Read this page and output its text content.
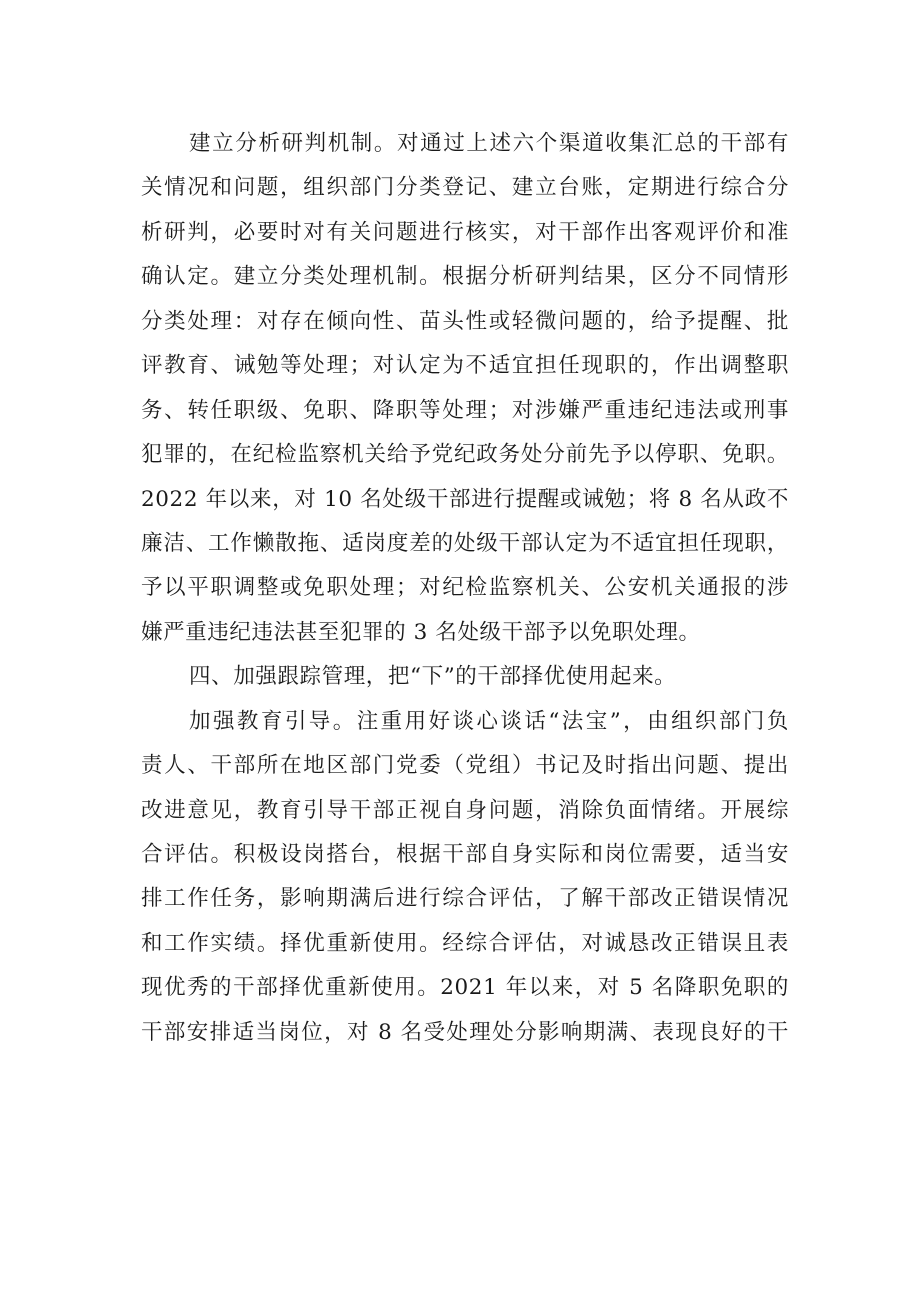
建立分析研判机制。对通过上述六个渠道收集汇总的干部有
关情况和问题，组织部门分类登记、建立台账，定期进行综合分
析研判，必要时对有关问题进行核实，对干部作出客观评价和准
确认定。建立分类处理机制。根据分析研判结果，区分不同情形
分类处理：对存在倾向性、苗头性或轻微问题的，给予提醒、批
评教育、诫勉等处理；对认定为不适宜担任现职的，作出调整职
务、转任职级、免职、降职等处理；对涉嫌严重违纪违法或刑事
犯罪的，在纪检监察机关给予党纪政务处分前先予以停职、免职。
2022 年以来，对 10 名处级干部进行提醒或诫勉；将 8 名从政不
廉洁、工作懒散拖、适岗度差的处级干部认定为不适宜担任现职，
予以平职调整或免职处理；对纪检监察机关、公安机关通报的涉
嫌严重违纪违法甚至犯罪的 3 名处级干部予以免职处理。
四、加强跟踪管理，把“下”的干部择优使用起来。
加强教育引导。注重用好谈心谈话“法宝”，由组织部门负
责人、干部所在地区部门党委（党组）书记及时指出问题、提出
改进意见，教育引导干部正视自身问题，消除负面情绪。开展综
合评估。积极设岗搭台，根据干部自身实际和岗位需要，适当安
排工作任务，影响期满后进行综合评估，了解干部改正错误情况
和工作实绩。择优重新使用。经综合评估，对诚恳改正错误且表
现优秀的干部择优重新使用。2021 年以来，对 5 名降职免职的
干部安排适当岗位，对 8 名受处理处分影响期满、表现良好的干
